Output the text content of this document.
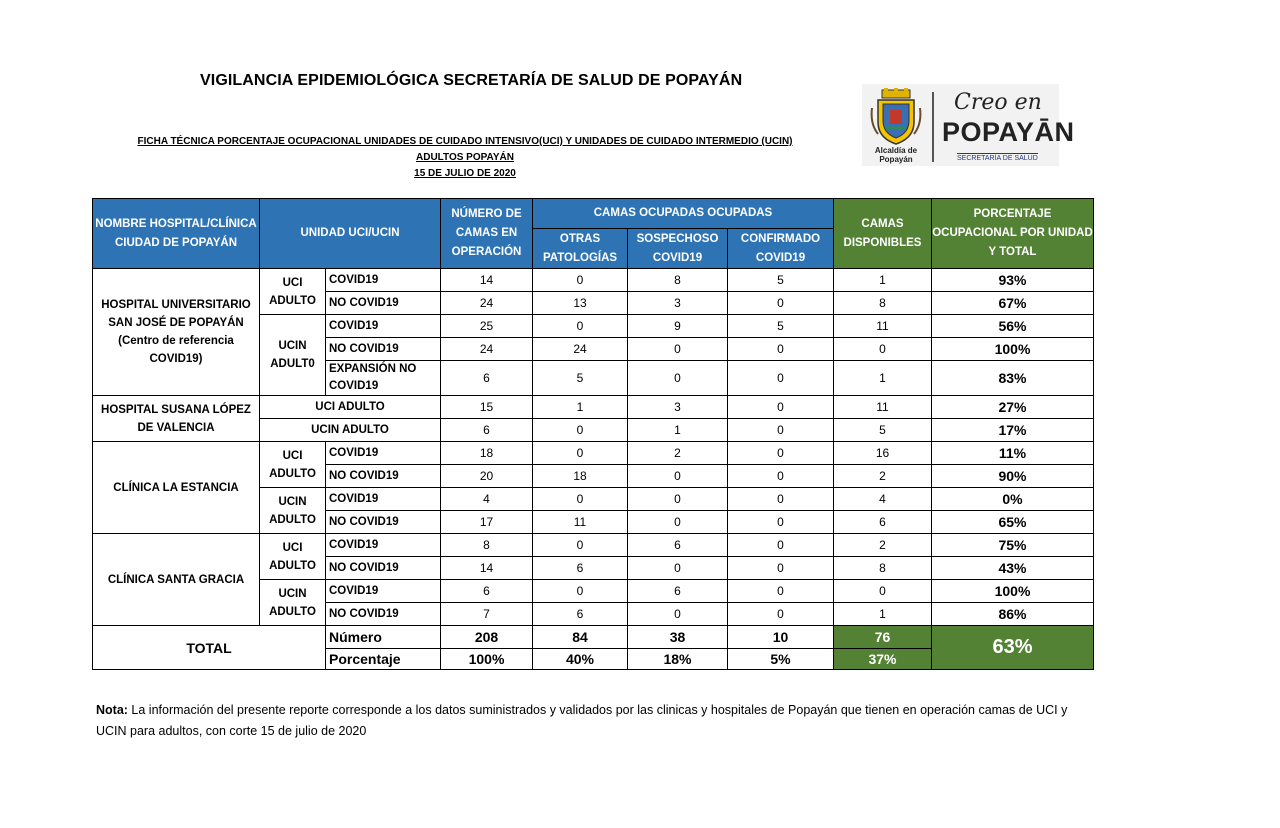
VIGILANCIA EPIDEMIOLÓGICA SECRETARÍA DE SALUD DE POPAYÁN
FICHA TÉCNICA PORCENTAJE OCUPACIONAL UNIDADES DE CUIDADO INTENSIVO(UCI) Y UNIDADES DE CUIDADO INTERMEDIO (UCIN)
ADULTOS POPAYÁN
15 DE JULIO DE 2020
Alcaldía de Popayán
Creo en
POPAYĀN
SECRETARÍA DE SALUD
NOMBRE HOSPITAL/CLÍNICA CIUDAD DE POPAYÁN	UNIDAD UCI/UCIN		NÚMERO DE CAMAS EN OPERACIÓN	CAMAS OCUPADAS OCUPADAS			CAMAS DISPONIBLES	PORCENTAJE OCUPACIONAL POR UNIDAD Y TOTAL
				OTRAS PATOLOGÍAS	SOSPECHOSO COVID19	CONFIRMADO COVID19		
HOSPITAL UNIVERSITARIO SAN JOSÉ DE POPAYÁN (Centro de referencia COVID19)	UCI ADULTO	COVID19	14	0	8	5	1	93%
		NO COVID19	24	13	3	0	8	67%
	UCIN ADULT0	COVID19	25	0	9	5	11	56%
		NO COVID19	24	24	0	0	0	100%
		EXPANSIÓN NO COVID19	6	5	0	0	1	83%
HOSPITAL SUSANA LÓPEZ DE VALENCIA	UCI ADULTO		15	1	3	0	11	27%
	UCIN ADULTO		6	0	1	0	5	17%
CLÍNICA LA ESTANCIA	UCI ADULTO	COVID19	18	0	2	0	16	11%
		NO COVID19	20	18	0	0	2	90%
	UCIN ADULTO	COVID19	4	0	0	0	4	0%
		NO COVID19	17	11	0	0	6	65%
CLÍNICA SANTA GRACIA	UCI ADULTO	COVID19	8	0	6	0	2	75%
		NO COVID19	14	6	0	0	8	43%
	UCIN ADULTO	COVID19	6	0	6	0	0	100%
		NO COVID19	7	6	0	0	1	86%
TOTAL		Número	208	84	38	10	76	63%
		Porcentaje	100%	40%	18%	5%	37%	
Nota: La información del presente reporte corresponde a los datos suministrados y validados por las clinicas y hospitales de Popayán que tienen en operación camas de UCI y UCIN para adultos, con corte 15 de julio de 2020
